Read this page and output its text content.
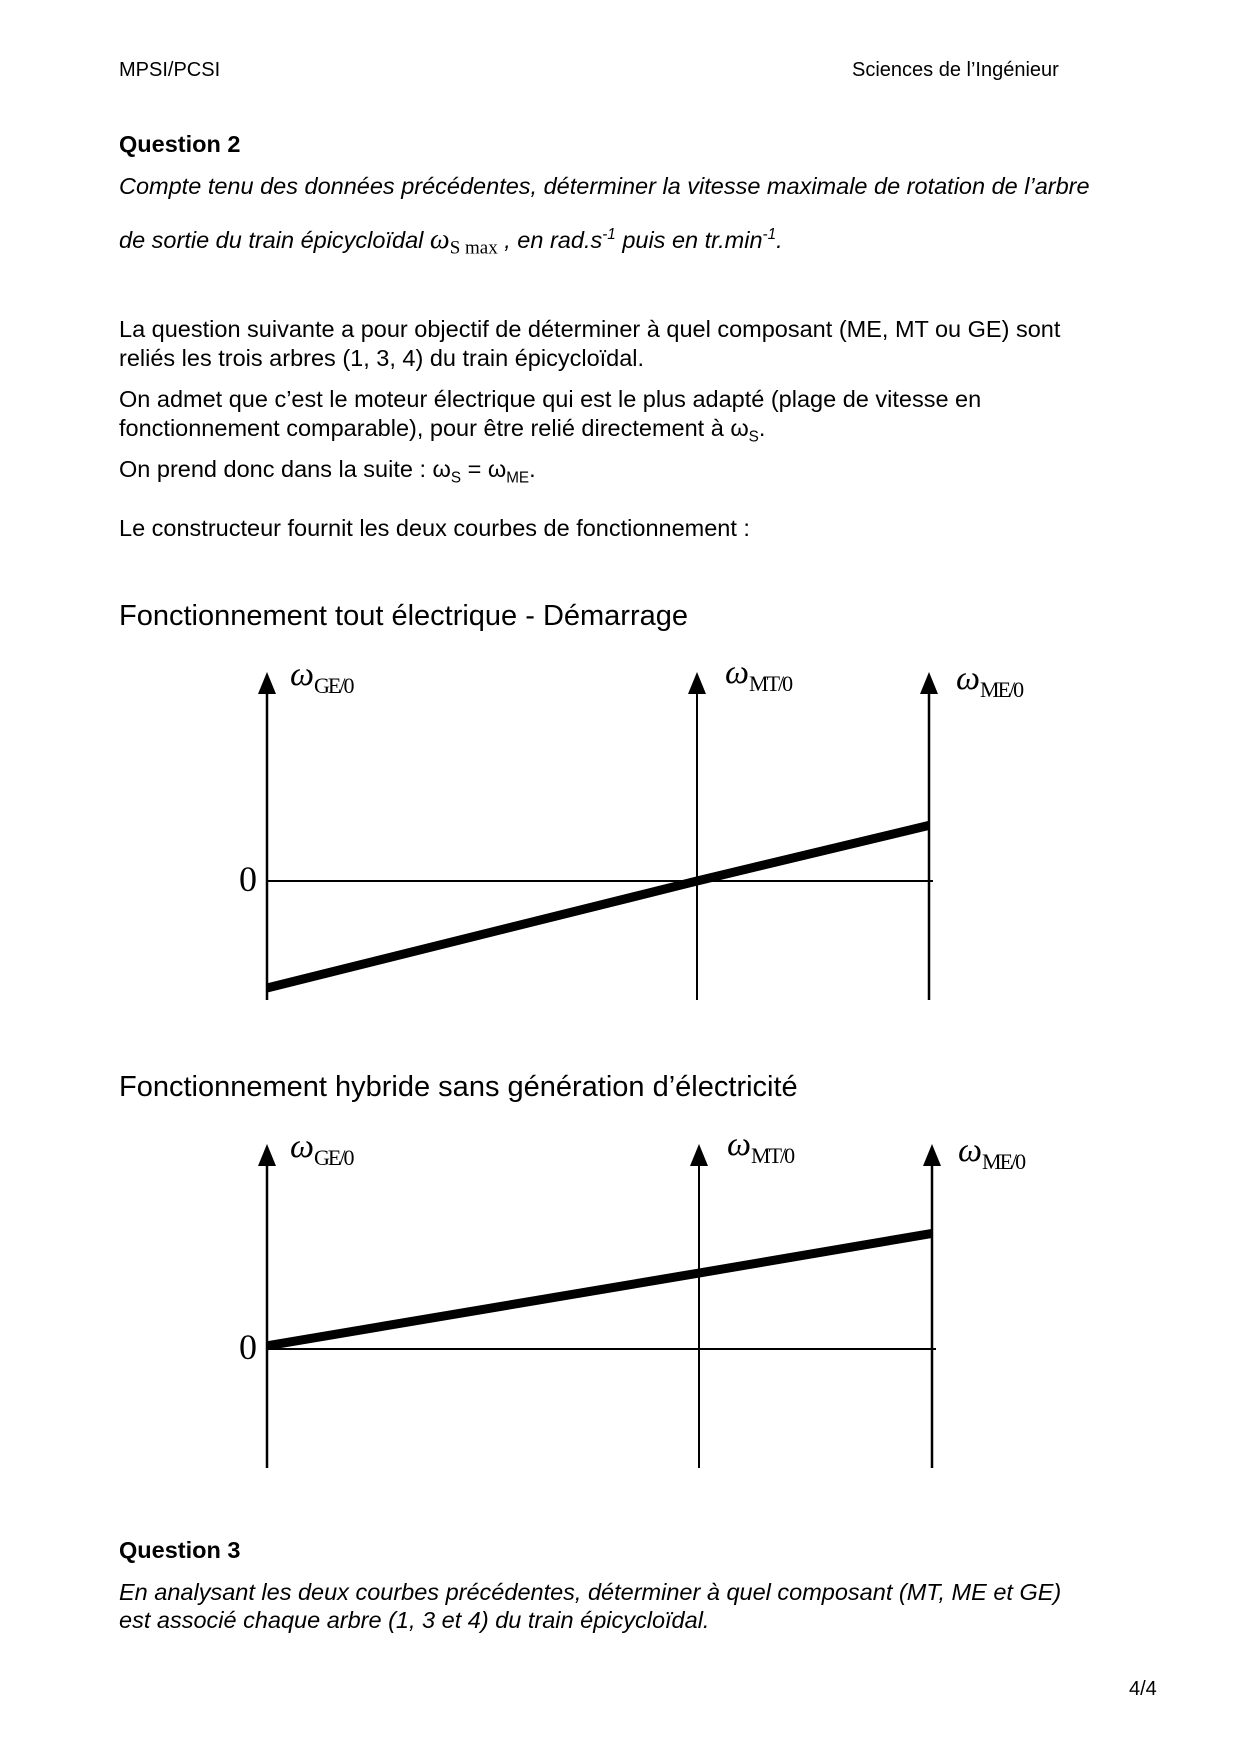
MPSI/PCSI	Sciences de l’Ingénieur
Question 2
Compte tenu des données précédentes, déterminer la vitesse maximale de rotation de l’arbre
de sortie du train épicycloïdal $\omega_{S max}$ , en $rad.s^{-1}$ puis en $tr.\min^{-1}$.
La question suivante a pour objectif de déterminer à quel composant (ME, MT ou GE) sont
reliés les trois arbres (1, 3, 4) du train épicycloïdal.
On admet que c’est le moteur électrique qui est le plus adapté (plage de vitesse en
fonctionnement comparable), pour être relié directement à $\omega_S$.
On prend donc dans la suite : $\omega_S = \omega_{ME}$.
Le constructeur fournit les deux courbes de fonctionnement :
Fonctionnement tout électrique - Démarrage
$\omega_{GE/0}$	$\omega_{MT/0}$	$\omega_{ME/0}$
0
Fonctionnement hybride sans génération d’électricité
$\omega_{GE/0}$	$\omega_{MT/0}$	$\omega_{ME/0}$
0
Question 3
En analysant les deux courbes précédentes, déterminer à quel composant (MT, ME et GE)
est associé chaque arbre (1, 3 et 4) du train épicycloïdal.
4/4
